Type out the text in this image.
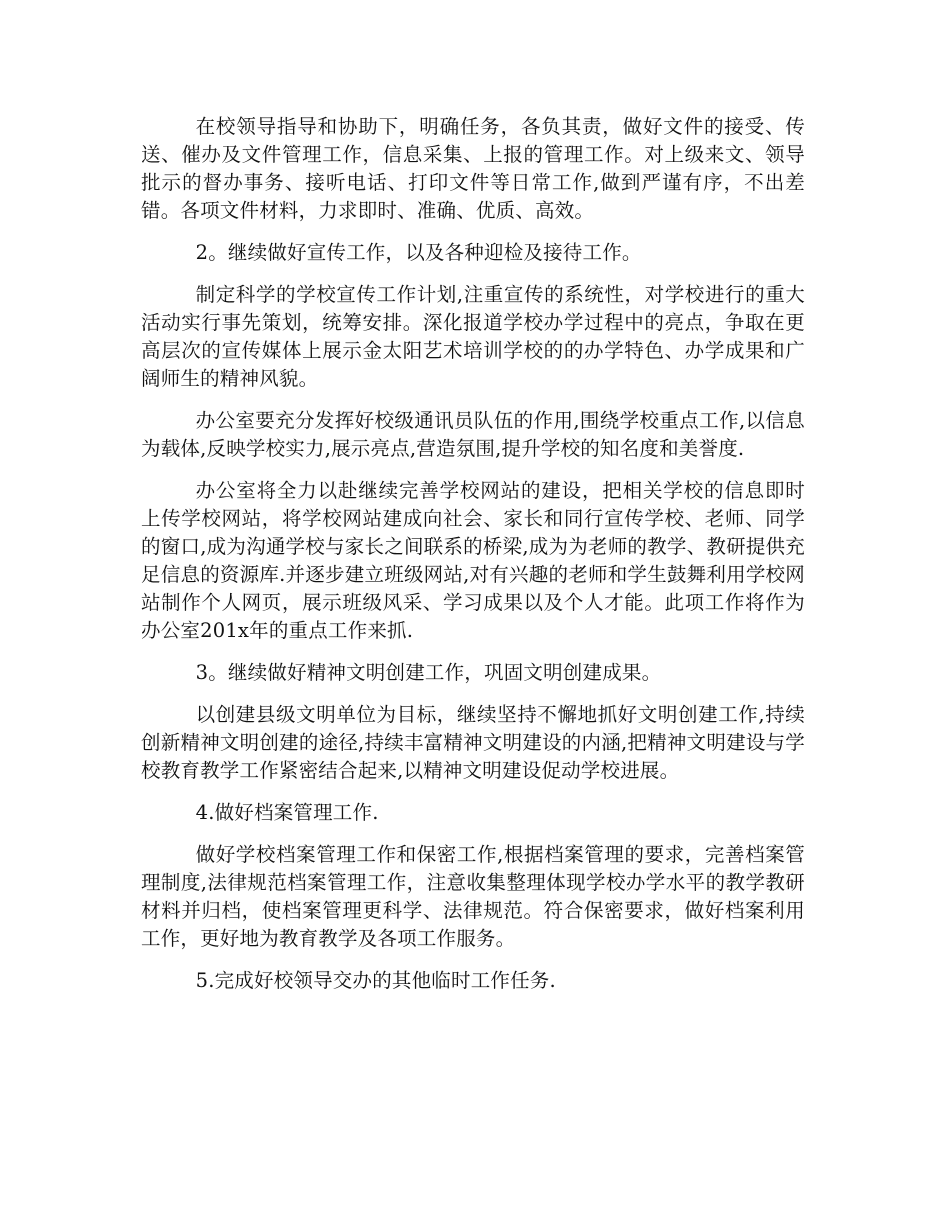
在校领导指导和协助下，明确任务，各负其责，做好文件的接受、传送、催办及文件管理工作，信息采集、上报的管理工作。对上级来文、领导批示的督办事务、接听电话、打印文件等日常工作,做到严谨有序，不出差错。各项文件材料，力求即时、准确、优质、高效。

2。继续做好宣传工作，以及各种迎检及接待工作。

制定科学的学校宣传工作计划,注重宣传的系统性，对学校进行的重大活动实行事先策划，统筹安排。深化报道学校办学过程中的亮点，争取在更高层次的宣传媒体上展示金太阳艺术培训学校的的办学特色、办学成果和广阔师生的精神风貌。

办公室要充分发挥好校级通讯员队伍的作用,围绕学校重点工作,以信息为载体,反映学校实力,展示亮点,营造氛围,提升学校的知名度和美誉度.

办公室将全力以赴继续完善学校网站的建设，把相关学校的信息即时上传学校网站，将学校网站建成向社会、家长和同行宣传学校、老师、同学的窗口,成为沟通学校与家长之间联系的桥梁,成为为老师的教学、教研提供充足信息的资源库.并逐步建立班级网站,对有兴趣的老师和学生鼓舞利用学校网站制作个人网页，展示班级风采、学习成果以及个人才能。此项工作将作为办公室201x年的重点工作来抓.

3。继续做好精神文明创建工作，巩固文明创建成果。

以创建县级文明单位为目标，继续坚持不懈地抓好文明创建工作,持续创新精神文明创建的途径,持续丰富精神文明建设的内涵,把精神文明建设与学校教育教学工作紧密结合起来,以精神文明建设促动学校进展。

4.做好档案管理工作.

做好学校档案管理工作和保密工作,根据档案管理的要求，完善档案管理制度,法律规范档案管理工作，注意收集整理体现学校办学水平的教学教研材料并归档，使档案管理更科学、法律规范。符合保密要求，做好档案利用工作，更好地为教育教学及各项工作服务。

5.完成好校领导交办的其他临时工作任务.
